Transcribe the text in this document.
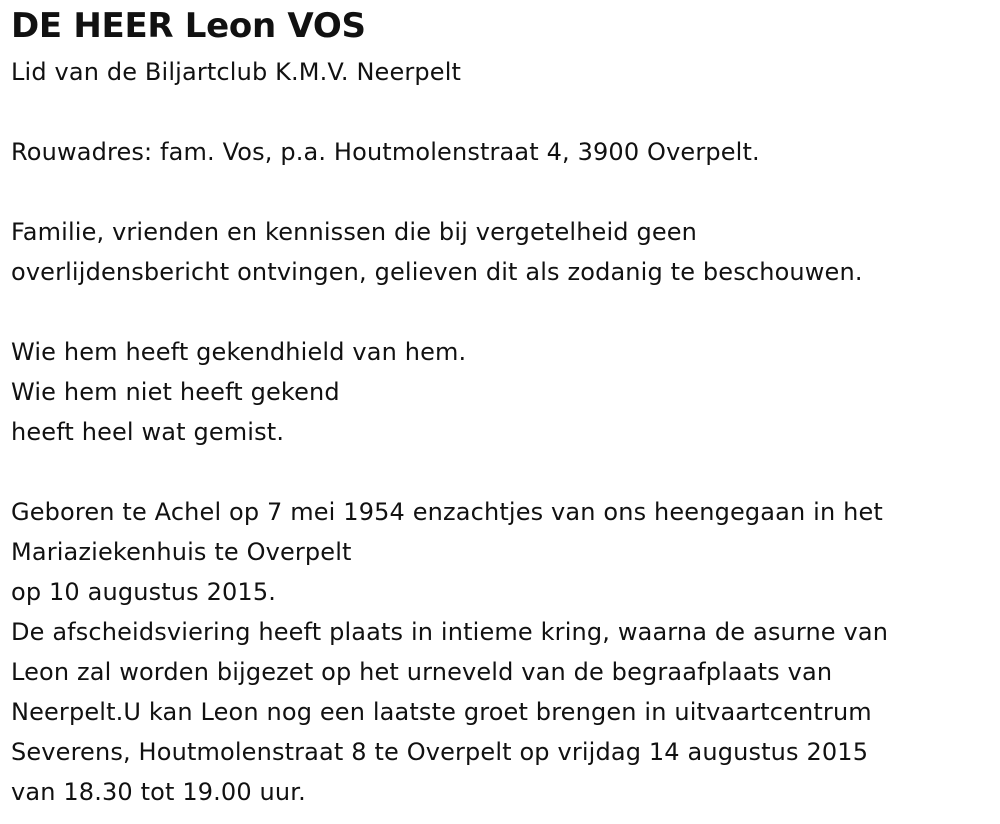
DE HEER Leon VOS
Lid van de Biljartclub K.M.V. Neerpelt
Rouwadres: fam. Vos, p.a. Houtmolenstraat 4, 3900 Overpelt.
Familie, vrienden en kennissen die bij vergetelheid geen
overlijdensbericht ontvingen, gelieven dit als zodanig te beschouwen.
Wie hem heeft gekendhield van hem.
Wie hem niet heeft gekend
heeft heel wat gemist.
Geboren te Achel op 7 mei 1954 enzachtjes van ons heengegaan in het
Mariaziekenhuis te Overpelt
op 10 augustus 2015.
De afscheidsviering heeft plaats in intieme kring, waarna de asurne van
Leon zal worden bijgezet op het urneveld van de begraafplaats van
Neerpelt.U kan Leon nog een laatste groet brengen in uitvaartcentrum
Severens, Houtmolenstraat 8 te Overpelt op vrijdag 14 augustus 2015
van 18.30 tot 19.00 uur.
